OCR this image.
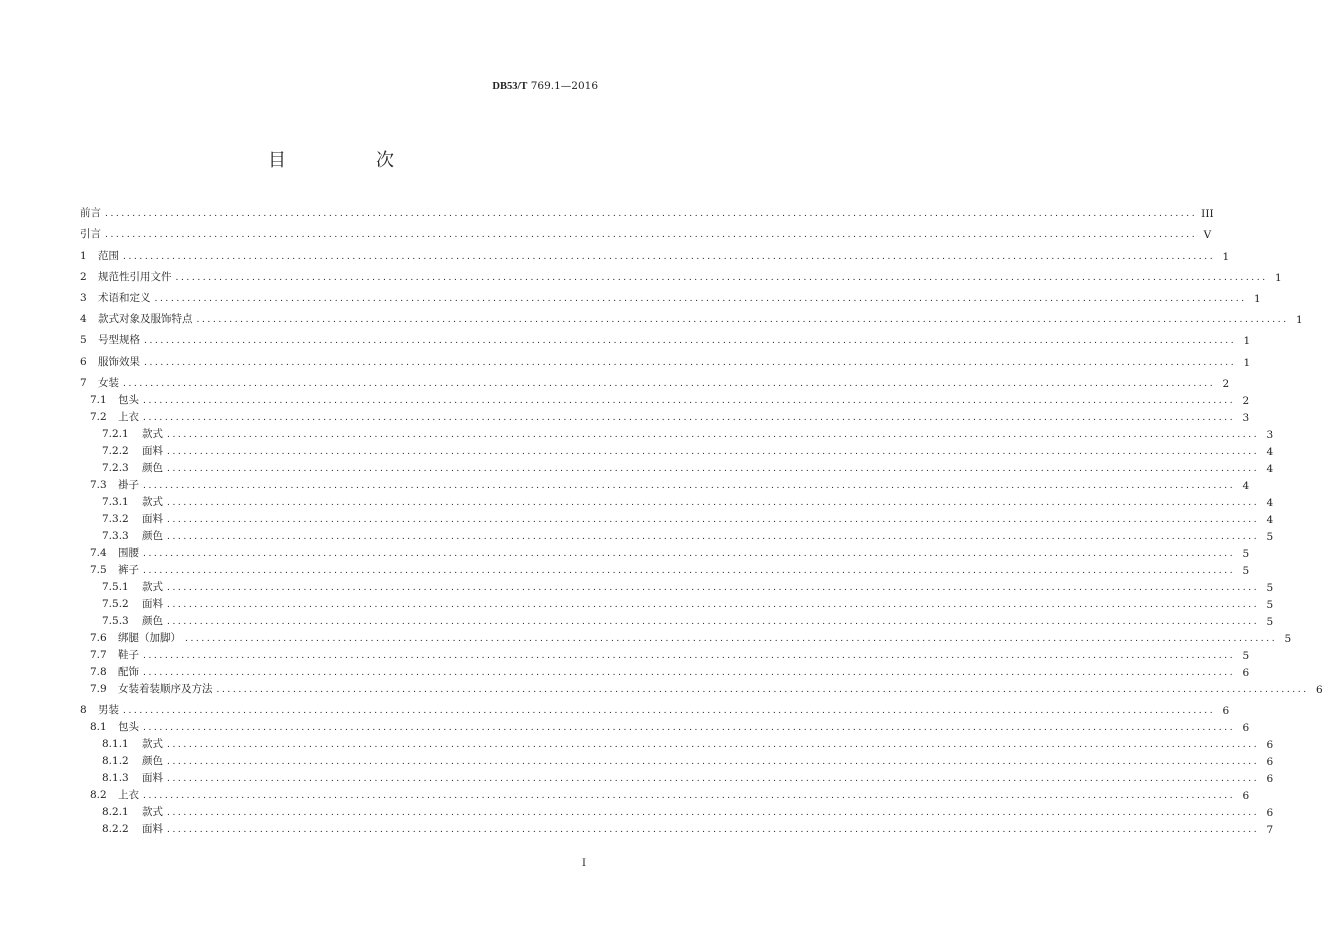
DB53/T 769.1—2016
目　次
前言 ........................................................................................................................................................................................................ III
引言 ........................................................................................................................................................................................................ V
1 范围 ........................................................................................................................................................................................................ 1
2 规范性引用文件 ........................................................................................................................................................................................................ 1
3 术语和定义 ........................................................................................................................................................................................................ 1
4 款式对象及服饰特点 ........................................................................................................................................................................................................ 1
5 号型规格 ........................................................................................................................................................................................................ 1
6 服饰效果 ........................................................................................................................................................................................................ 1
7 女装 ........................................................................................................................................................................................................ 2
7.1 包头 ........................................................................................................................................................................................................ 2
7.2 上衣 ........................................................................................................................................................................................................ 3
7.2.1 款式 ........................................................................................................................................................................................................ 3
7.2.2 面料 ........................................................................................................................................................................................................ 4
7.2.3 颜色 ........................................................................................................................................................................................................ 4
7.3 褂子 ........................................................................................................................................................................................................ 4
7.3.1 款式 ........................................................................................................................................................................................................ 4
7.3.2 面料 ........................................................................................................................................................................................................ 4
7.3.3 颜色 ........................................................................................................................................................................................................ 5
7.4 围腰 ........................................................................................................................................................................................................ 5
7.5 裤子 ........................................................................................................................................................................................................ 5
7.5.1 款式 ........................................................................................................................................................................................................ 5
7.5.2 面料 ........................................................................................................................................................................................................ 5
7.5.3 颜色 ........................................................................................................................................................................................................ 5
7.6 绑腿（加脚） ........................................................................................................................................................................................................ 5
7.7 鞋子 ........................................................................................................................................................................................................ 5
7.8 配饰 ........................................................................................................................................................................................................ 6
7.9 女装着装顺序及方法 ........................................................................................................................................................................................................ 6
8 男装 ........................................................................................................................................................................................................ 6
8.1 包头 ........................................................................................................................................................................................................ 6
8.1.1 款式 ........................................................................................................................................................................................................ 6
8.1.2 颜色 ........................................................................................................................................................................................................ 6
8.1.3 面料 ........................................................................................................................................................................................................ 6
8.2 上衣 ........................................................................................................................................................................................................ 6
8.2.1 款式 ........................................................................................................................................................................................................ 6
8.2.2 面料 ........................................................................................................................................................................................................ 7
I
